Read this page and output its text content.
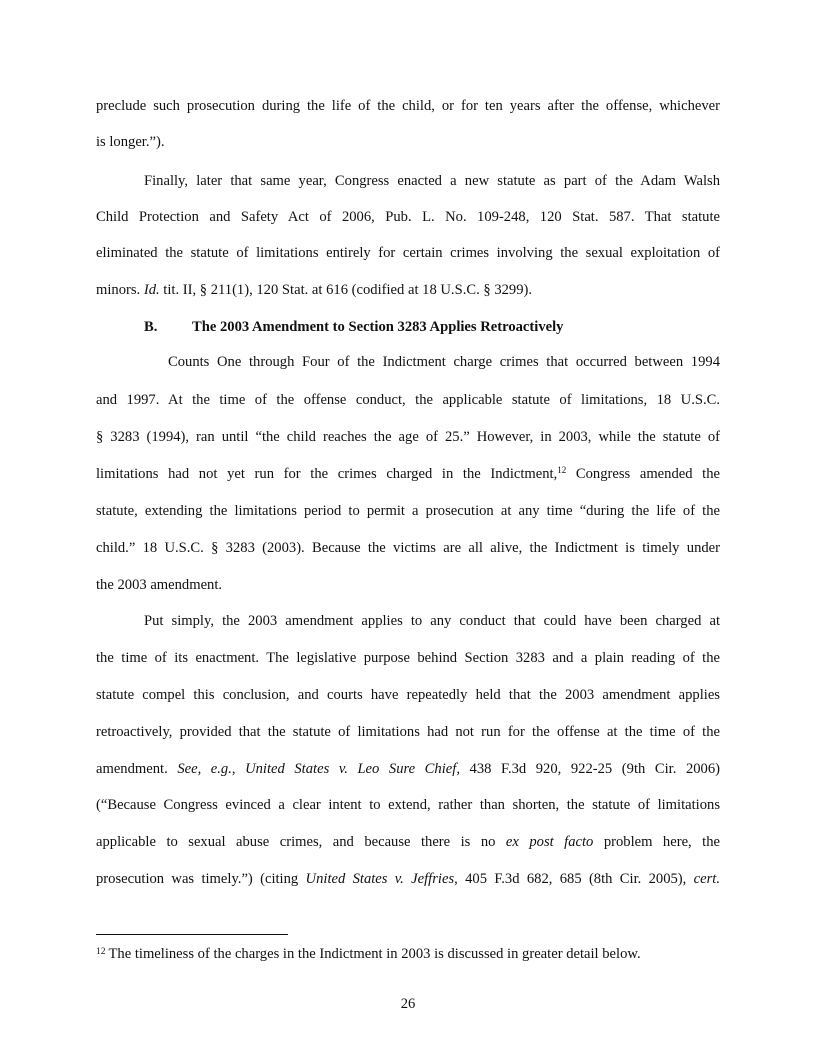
preclude such prosecution during the life of the child, or for ten years after the offense, whichever
is longer.”).
Finally, later that same year, Congress enacted a new statute as part of the Adam Walsh
Child Protection and Safety Act of 2006, Pub. L. No. 109-248, 120 Stat. 587. That statute
eliminated the statute of limitations entirely for certain crimes involving the sexual exploitation of
minors. Id. tit. II, § 211(1), 120 Stat. at 616 (codified at 18 U.S.C. § 3299).
B. The 2003 Amendment to Section 3283 Applies Retroactively
Counts One through Four of the Indictment charge crimes that occurred between 1994
and 1997. At the time of the offense conduct, the applicable statute of limitations, 18 U.S.C.
§ 3283 (1994), ran until “the child reaches the age of 25.” However, in 2003, while the statute of
limitations had not yet run for the crimes charged in the Indictment,$^{12}$ Congress amended the
statute, extending the limitations period to permit a prosecution at any time “during the life of the
child.” 18 U.S.C. § 3283 (2003). Because the victims are all alive, the Indictment is timely under
the 2003 amendment.
Put simply, the 2003 amendment applies to any conduct that could have been charged at
the time of its enactment. The legislative purpose behind Section 3283 and a plain reading of the
statute compel this conclusion, and courts have repeatedly held that the 2003 amendment applies
retroactively, provided that the statute of limitations had not run for the offense at the time of the
amendment. See, e.g., United States v. Leo Sure Chief, 438 F.3d 920, 922-25 (9th Cir. 2006)
(“Because Congress evinced a clear intent to extend, rather than shorten, the statute of limitations
applicable to sexual abuse crimes, and because there is no ex post facto problem here, the
prosecution was timely.”) (citing United States v. Jeffries, 405 F.3d 682, 685 (8th Cir. 2005), cert.
$^{12}$ The timeliness of the charges in the Indictment in 2003 is discussed in greater detail below.
26
